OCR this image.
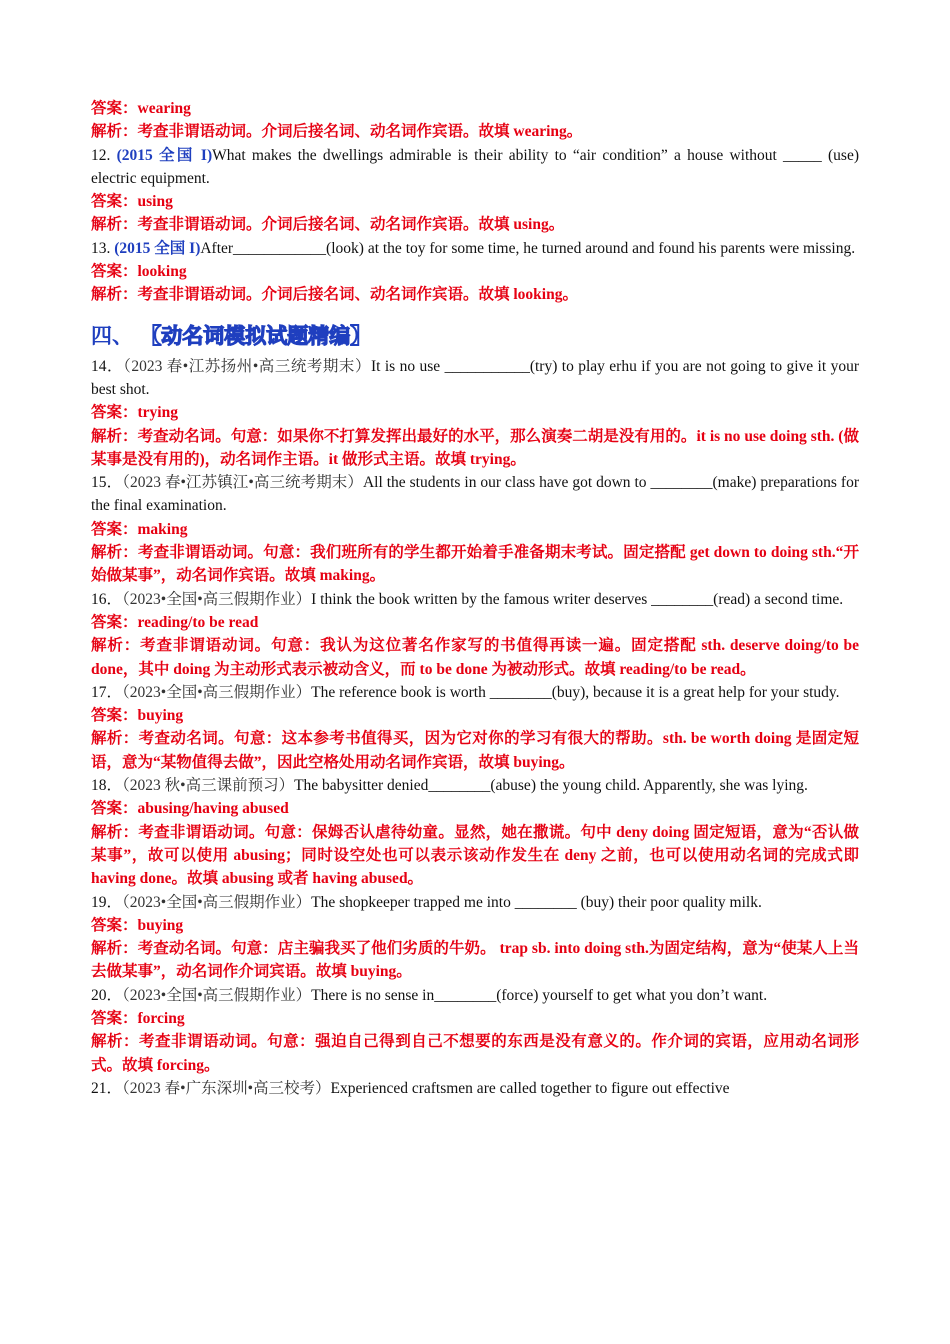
答案：wearing
解析：考查非谓语动词。介词后接名词、动名词作宾语。故填 wearing。
12. (2015 全国 I)What makes the dwellings admirable is their ability to “air condition” a house without _____ (use) electric equipment.
答案：using
解析：考查非谓语动词。介词后接名词、动名词作宾语。故填 using。
13. (2015 全国 I)After____________(look) at the toy for some time, he turned around and found his parents were missing.
答案：looking
解析：考查非谓语动词。介词后接名词、动名词作宾语。故填 looking。
四、 【动名词模拟试题精编】
14．（2023 春•江苏扬州•高三统考期末）It is no use ___________(try) to play erhu if you are not going to give it your best shot.
答案：trying
解析：考查动名词。句意：如果你不打算发挥出最好的水平，那么演奏二胡是没有用的。it is no use doing sth. (做某事是没有用的)，动名词作主语。it 做形式主语。故填 trying。
15．（2023 春•江苏镇江•高三统考期末）All the students in our class have got down to ________(make) preparations for the final examination.
答案：making
解析：考查非谓语动词。句意：我们班所有的学生都开始着手准备期末考试。固定搭配 get down to doing sth.“开始做某事”，动名词作宾语。故填 making。
16．（2023•全国•高三假期作业）I think the book written by the famous writer deserves ________(read) a second time.
答案：reading/to be read
解析：考查非谓语动词。句意：我认为这位著名作家写的书值得再读一遍。固定搭配 sth. deserve doing/to be done，其中 doing 为主动形式表示被动含义，而 to be done 为被动形式。故填 reading/to be read。
17．（2023•全国•高三假期作业）The reference book is worth ________(buy), because it is a great help for your study.
答案：buying
解析：考查动名词。句意：这本参考书值得买，因为它对你的学习有很大的帮助。sth. be worth doing 是固定短语，意为“某物值得去做”，因此空格处用动名词作宾语，故填 buying。
18．（2023 秋•高三课前预习）The babysitter denied________(abuse) the young child. Apparently, she was lying.
答案：abusing/having abused
解析：考查非谓语动词。句意：保姆否认虐待幼童。显然，她在撒谎。句中 deny doing 固定短语，意为“否认做某事”，故可以使用 abusing；同时设空处也可以表示该动作发生在 deny 之前，也可以使用动名词的完成式即 having done。故填 abusing 或者 having abused。
19．（2023•全国•高三假期作业）The shopkeeper trapped me into ________ (buy) their poor quality milk.
答案：buying
解析：考查动名词。句意：店主骗我买了他们劣质的牛奶。 trap sb. into doing sth.为固定结构，意为“使某人上当去做某事”，动名词作介词宾语。故填 buying。
20．（2023•全国•高三假期作业）There is no sense in________(force) yourself to get what you don’t want.
答案：forcing
解析：考查非谓语动词。句意：强迫自己得到自己不想要的东西是没有意义的。作介词的宾语，应用动名词形式。故填 forcing。
21．（2023 春•广东深圳•高三校考）Experienced craftsmen are called together to figure out effective
